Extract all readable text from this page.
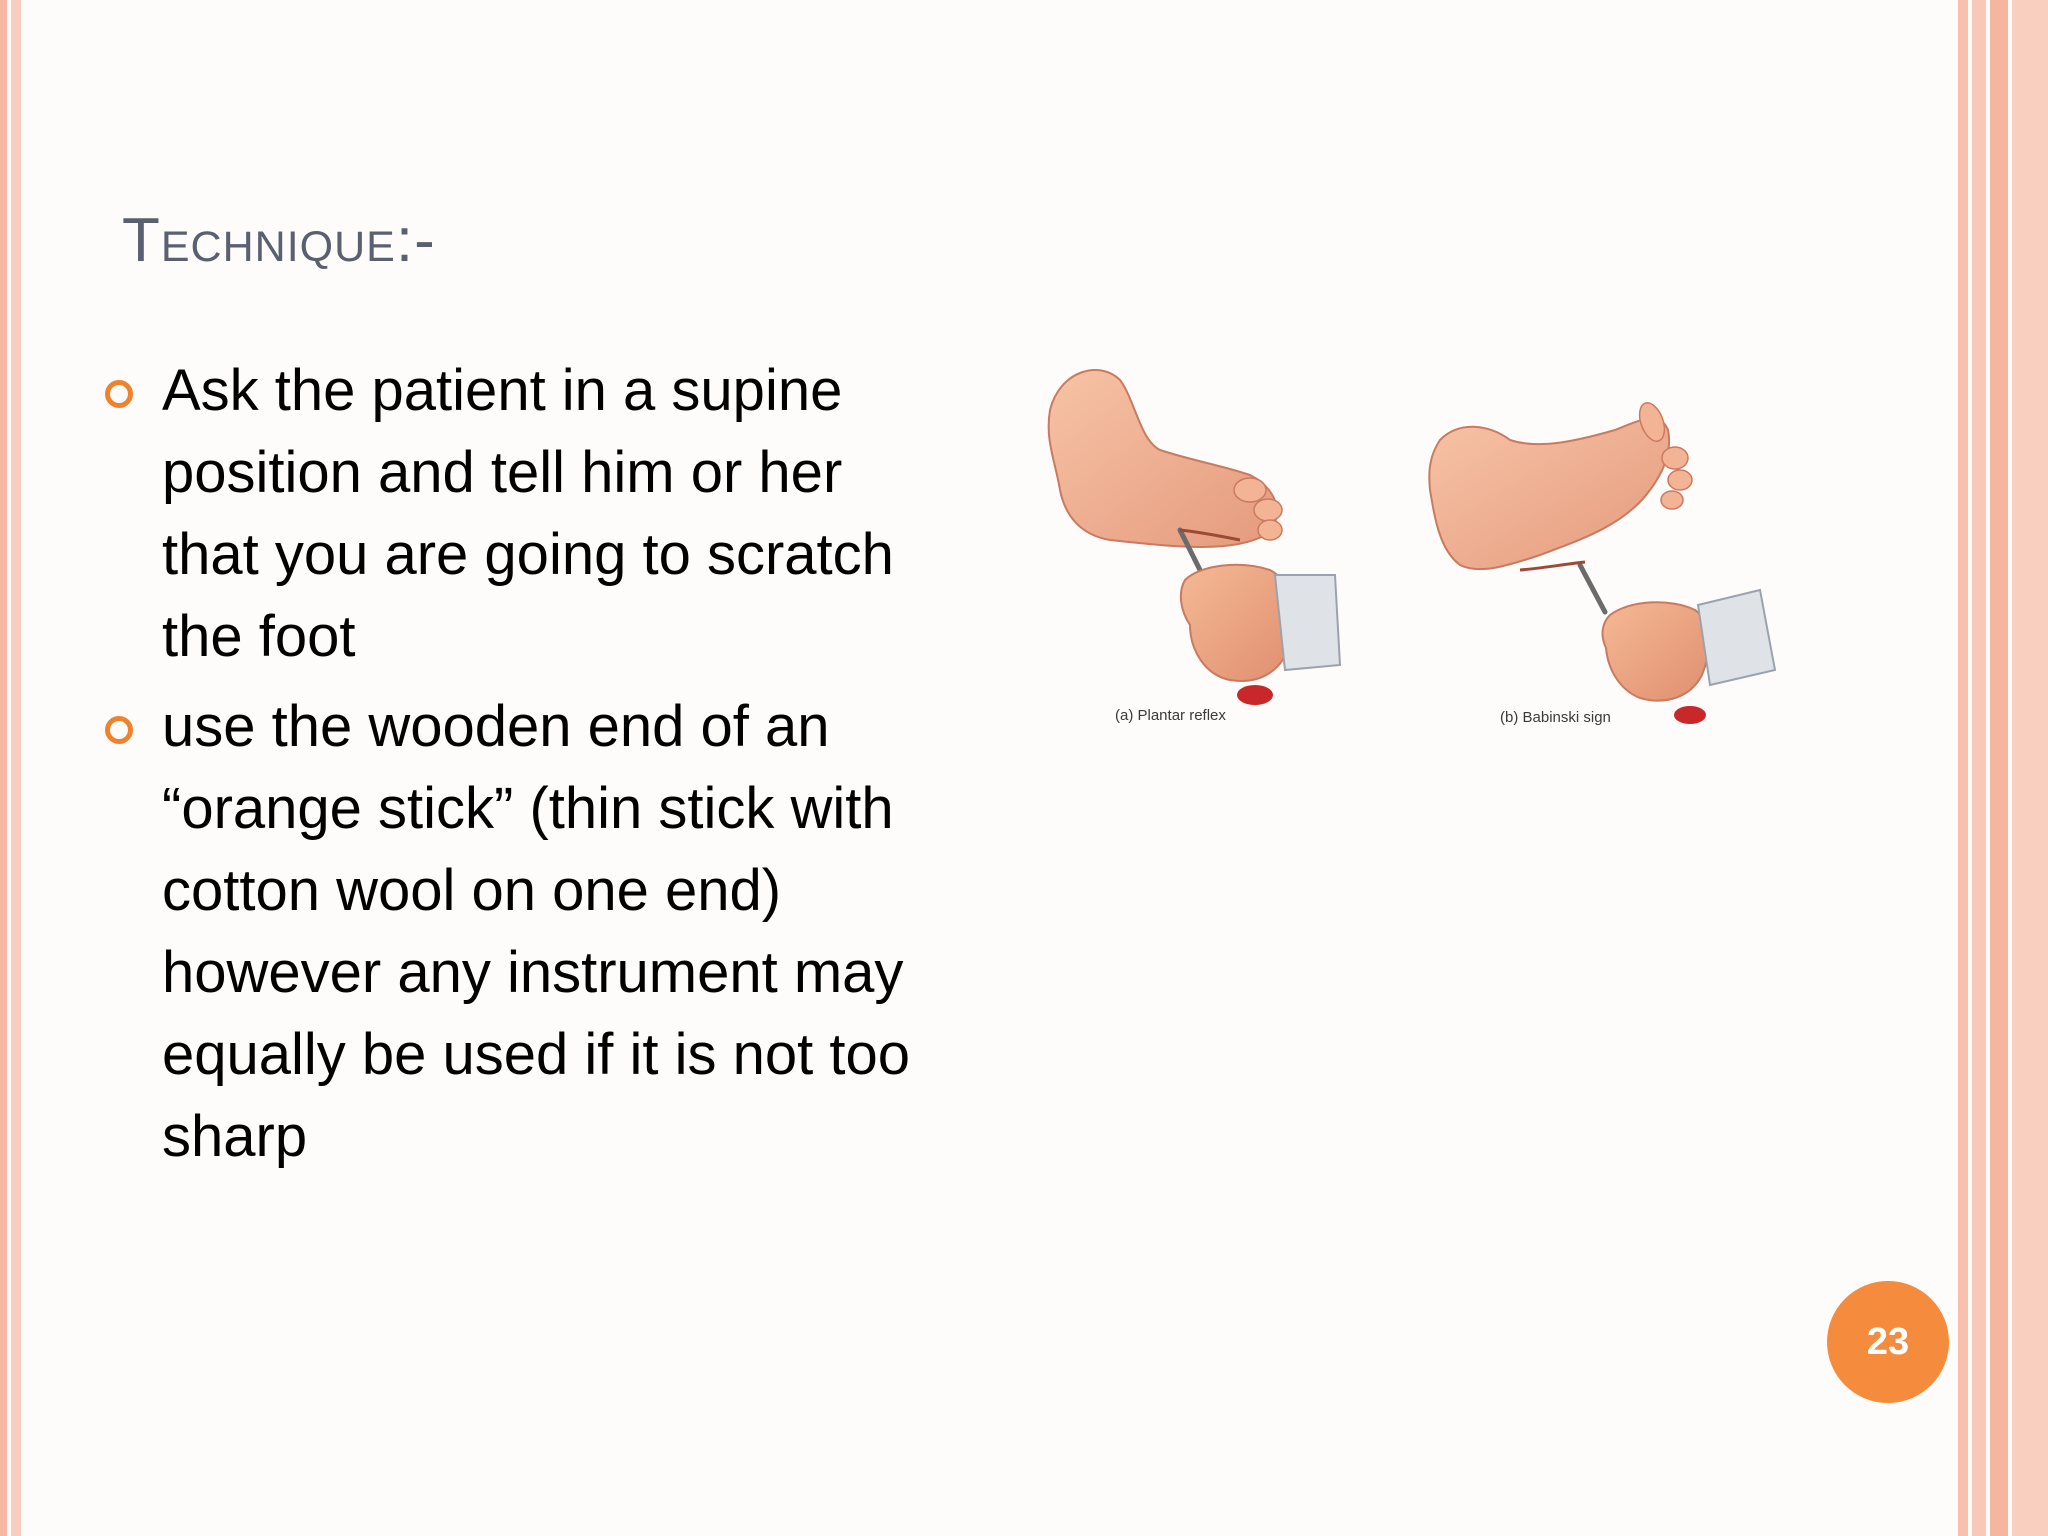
Technique:-
Ask the patient in a supine position and tell him or her that you are going to scratch the foot
use the wooden end of an “orange stick” (thin stick with cotton wool on one end) however any instrument may equally be used if it is not too sharp
(a) Plantar reflex	(b) Babinski sign
23
